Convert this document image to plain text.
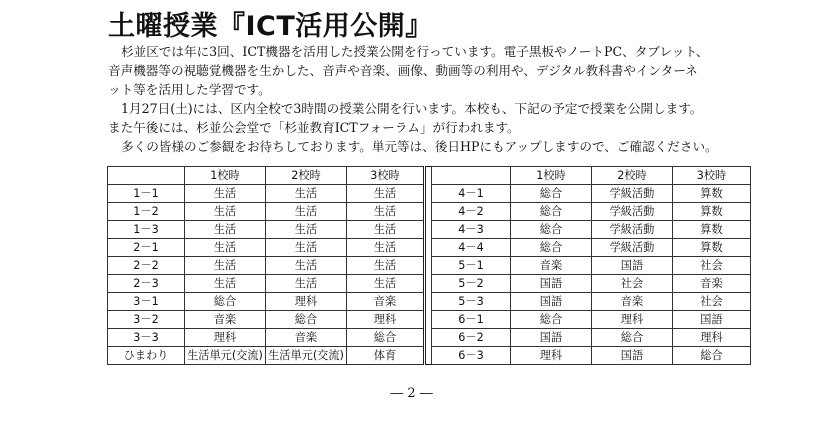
土曜授業『ICT活用公開』
杉並区では年に3回、ICT機器を活用した授業公開を行っています。電子黒板やノートPC、タブレット、
音声機器等の視聴覚機器を生かした、音声や音楽、画像、動画等の利用や、デジタル教科書やインターネ
ット等を活用した学習です。
1月27日(土)には、区内全校で3時間の授業公開を行います。本校も、下記の予定で授業を公開します。
また午後には、杉並公会堂で「杉並教育ICTフォーラム」が行われます。
多くの皆様のご参観をお待ちしております。単元等は、後日HPにもアップしますので、ご確認ください。
	1校時	2校時	3校時			1校時	2校時	3校時
1－1	生活	生活	生活		4－1	総合	学級活動	算数
1－2	生活	生活	生活		4－2	総合	学級活動	算数
1－3	生活	生活	生活		4－3	総合	学級活動	算数
2－1	生活	生活	生活		4－4	総合	学級活動	算数
2－2	生活	生活	生活		5－1	音楽	国語	社会
2－3	生活	生活	生活		5－2	国語	社会	音楽
3－1	総合	理科	音楽		5－3	国語	音楽	社会
3－2	音楽	総合	理科		6－1	総合	理科	国語
3－3	理科	音楽	総合		6－2	国語	総合	理科
ひまわり	生活単元(交流)	生活単元(交流)	体育		6－3	理科	国語	総合
― 2 ―
